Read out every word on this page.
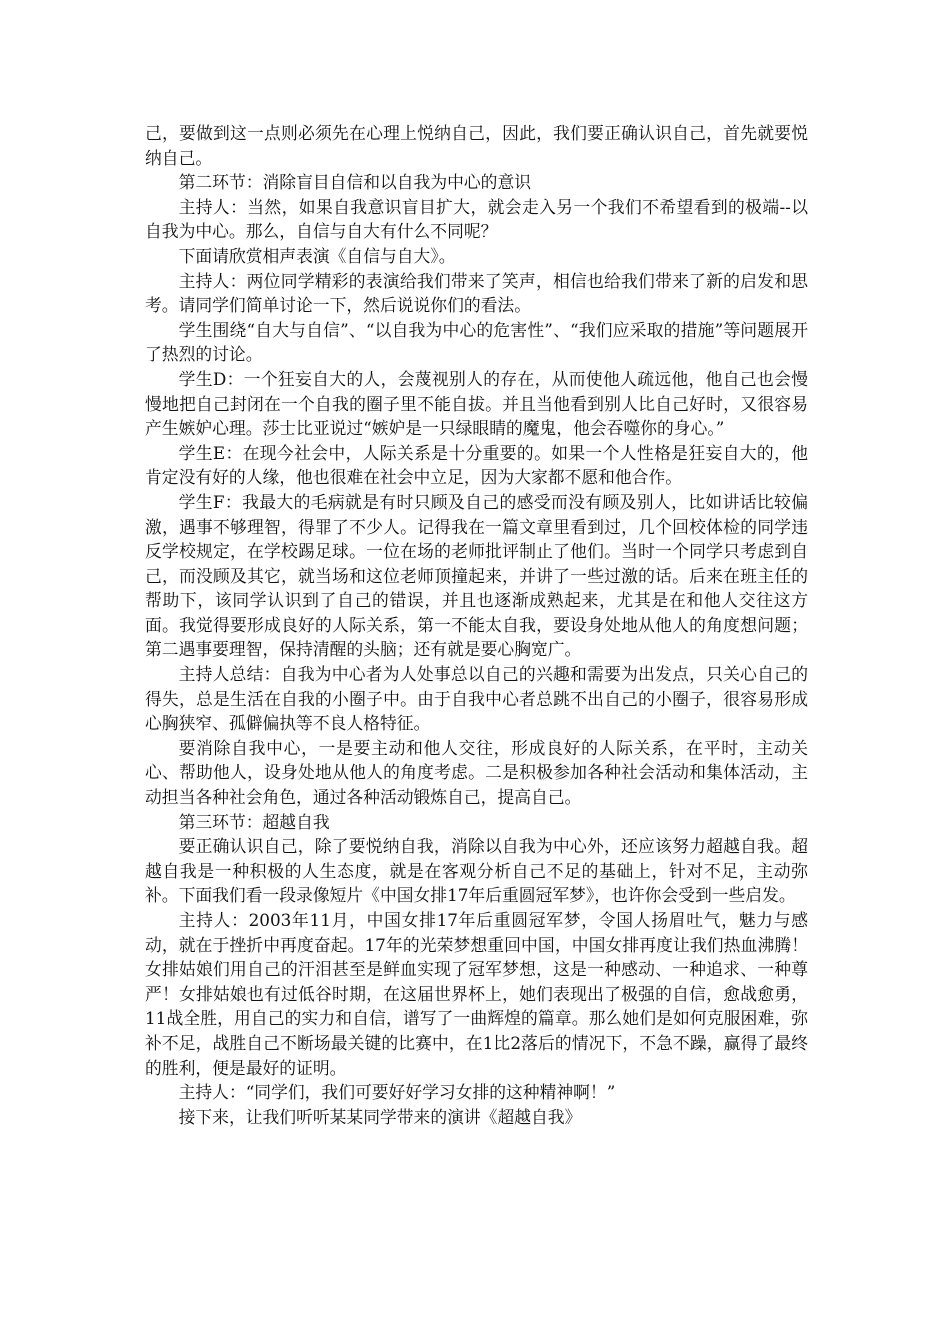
己，要做到这一点则必须先在心理上悦纳自己，因此，我们要正确认识自己，首先就要悦纳自己。

第二环节：消除盲目自信和以自我为中心的意识

主持人：当然，如果自我意识盲目扩大，就会走入另一个我们不希望看到的极端--以自我为中心。那么，自信与自大有什么不同呢？

下面请欣赏相声表演《自信与自大》。

主持人：两位同学精彩的表演给我们带来了笑声，相信也给我们带来了新的启发和思考。请同学们简单讨论一下，然后说说你们的看法。

学生围绕“自大与自信”、“以自我为中心的危害性”、“我们应采取的措施”等问题展开了热烈的讨论。

学生D：一个狂妄自大的人，会蔑视别人的存在，从而使他人疏远他，他自己也会慢慢地把自己封闭在一个自我的圈子里不能自拔。并且当他看到别人比自己好时，又很容易产生嫉妒心理。莎士比亚说过“嫉妒是一只绿眼睛的魔鬼，他会吞噬你的身心。”

学生E：在现今社会中，人际关系是十分重要的。如果一个人性格是狂妄自大的，他肯定没有好的人缘，他也很难在社会中立足，因为大家都不愿和他合作。

学生F：我最大的毛病就是有时只顾及自己的感受而没有顾及别人，比如讲话比较偏激，遇事不够理智，得罪了不少人。记得我在一篇文章里看到过，几个回校体检的同学违反学校规定，在学校踢足球。一位在场的老师批评制止了他们。当时一个同学只考虑到自己，而没顾及其它，就当场和这位老师顶撞起来，并讲了一些过激的话。后来在班主任的帮助下，该同学认识到了自己的错误，并且也逐渐成熟起来，尤其是在和他人交往这方面。我觉得要形成良好的人际关系，第一不能太自我，要设身处地从他人的角度想问题；第二遇事要理智，保持清醒的头脑；还有就是要心胸宽广。

主持人总结：自我为中心者为人处事总以自己的兴趣和需要为出发点，只关心自己的得失，总是生活在自我的小圈子中。由于自我中心者总跳不出自己的小圈子，很容易形成心胸狭窄、孤僻偏执等不良人格特征。

要消除自我中心，一是要主动和他人交往，形成良好的人际关系，在平时，主动关心、帮助他人，设身处地从他人的角度考虑。二是积极参加各种社会活动和集体活动，主动担当各种社会角色，通过各种活动锻炼自己，提高自己。

第三环节：超越自我

要正确认识自己，除了要悦纳自我，消除以自我为中心外，还应该努力超越自我。超越自我是一种积极的人生态度，就是在客观分析自己不足的基础上，针对不足，主动弥补。下面我们看一段录像短片《中国女排17年后重圆冠军梦》，也许你会受到一些启发。

主持人：2003年11月，中国女排17年后重圆冠军梦，令国人扬眉吐气，魅力与感动，就在于挫折中再度奋起。17年的光荣梦想重回中国，中国女排再度让我们热血沸腾！女排姑娘们用自己的汗泪甚至是鲜血实现了冠军梦想，这是一种感动、一种追求、一种尊严！女排姑娘也有过低谷时期，在这届世界杯上，她们表现出了极强的自信，愈战愈勇，11战全胜，用自己的实力和自信，谱写了一曲辉煌的篇章。那么她们是如何克服困难，弥补不足，战胜自己不断场最关键的比赛中，在1比2落后的情况下，不急不躁，赢得了最终的胜利，便是最好的证明。

主持人：“同学们，我们可要好好学习女排的这种精神啊！”

接下来，让我们听听某某同学带来的演讲《超越自我》
